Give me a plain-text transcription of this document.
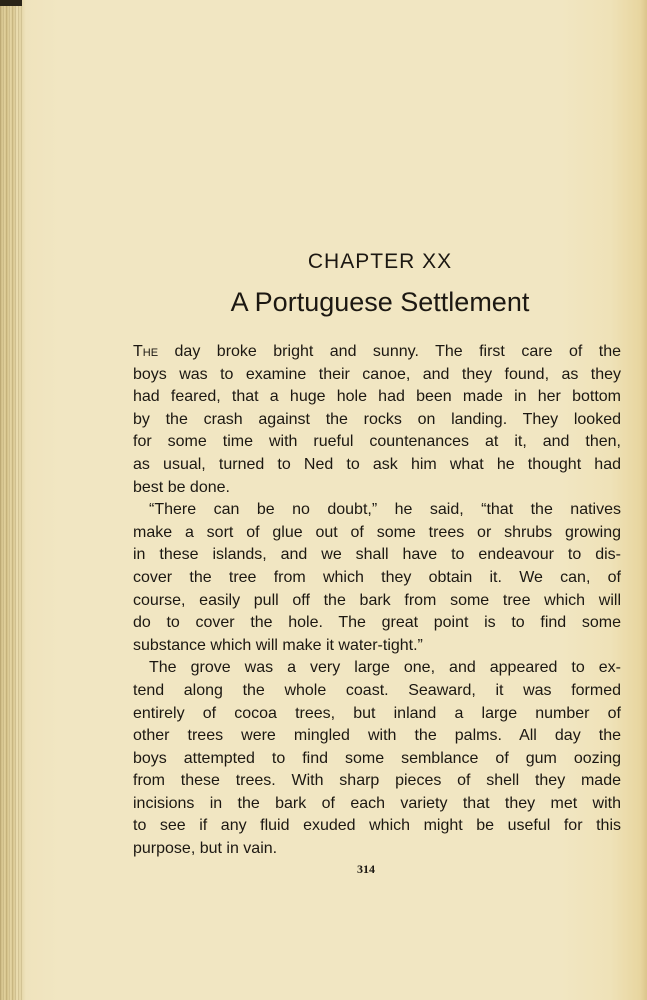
CHAPTER XX
A Portuguese Settlement
The day broke bright and sunny. The first care of the
boys was to examine their canoe, and they found, as they
had feared, that a huge hole had been made in her bottom
by the crash against the rocks on landing. They looked
for some time with rueful countenances at it, and then,
as usual, turned to Ned to ask him what he thought had
best be done.
“There can be no doubt,” he said, “that the natives
make a sort of glue out of some trees or shrubs growing
in these islands, and we shall have to endeavour to dis-
cover the tree from which they obtain it. We can, of
course, easily pull off the bark from some tree which will
do to cover the hole. The great point is to find some
substance which will make it water-tight.”
The grove was a very large one, and appeared to ex-
tend along the whole coast. Seaward, it was formed
entirely of cocoa trees, but inland a large number of
other trees were mingled with the palms. All day the
boys attempted to find some semblance of gum oozing
from these trees. With sharp pieces of shell they made
incisions in the bark of each variety that they met with
to see if any fluid exuded which might be useful for this
purpose, but in vain.
314
